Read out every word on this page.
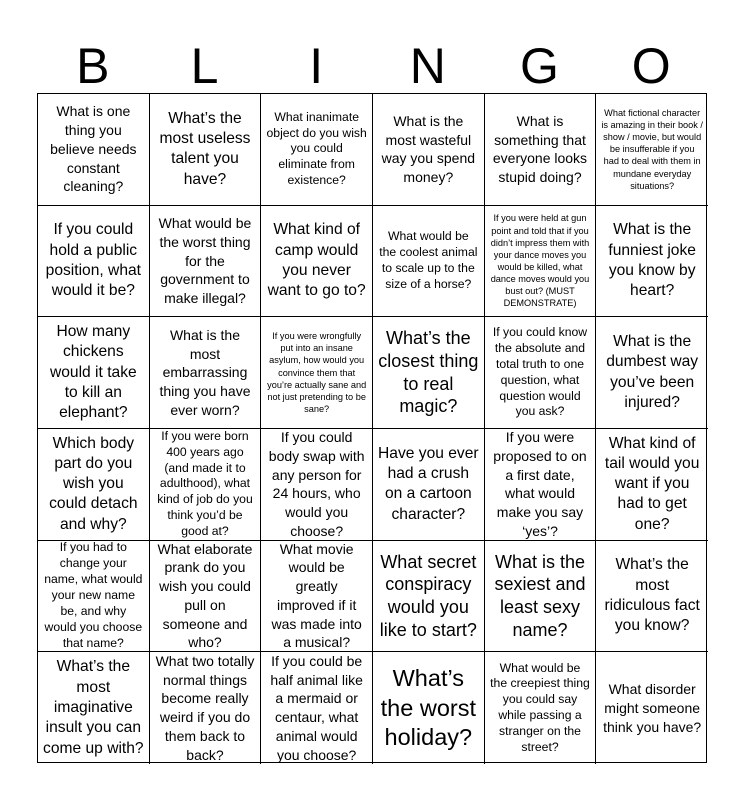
B	L	I	N	G	O
What is one thing you believe needs constant cleaning?
What’s the most useless talent you have?
What inanimate object do you wish you could eliminate from existence?
What is the most wasteful way you spend money?
What is something that everyone looks stupid doing?
What fictional character is amazing in their book / show / movie, but would be insufferable if you had to deal with them in mundane everyday situations?
If you could hold a public position, what would it be?
What would be the worst thing for the government to make illegal?
What kind of camp would you never want to go to?
What would be the coolest animal to scale up to the size of a horse?
If you were held at gun point and told that if you didn’t impress them with your dance moves you would be killed, what dance moves would you bust out? (MUST DEMONSTRATE)
What is the funniest joke you know by heart?
How many chickens would it take to kill an elephant?
What is the most embarrassing thing you have ever worn?
If you were wrongfully put into an insane asylum, how would you convince them that you’re actually sane and not just pretending to be sane?
What’s the closest thing to real magic?
If you could know the absolute and total truth to one question, what question would you ask?
What is the dumbest way you’ve been injured?
Which body part do you wish you could detach and why?
If you were born 400 years ago (and made it to adulthood), what kind of job do you think you’d be good at?
If you could body swap with any person for 24 hours, who would you choose?
Have you ever had a crush on a cartoon character?
If you were proposed to on a first date, what would make you say ‘yes’?
What kind of tail would you want if you had to get one?
If you had to change your name, what would your new name be, and why would you choose that name?
What elaborate prank do you wish you could pull on someone and who?
What movie would be greatly improved if it was made into a musical?
What secret conspiracy would you like to start?
What is the sexiest and least sexy name?
What’s the most ridiculous fact you know?
What’s the most imaginative insult you can come up with?
What two totally normal things become really weird if you do them back to back?
If you could be half animal like a mermaid or centaur, what animal would you choose?
What’s the worst holiday?
What would be the creepiest thing you could say while passing a stranger on the street?
What disorder might someone think you have?
